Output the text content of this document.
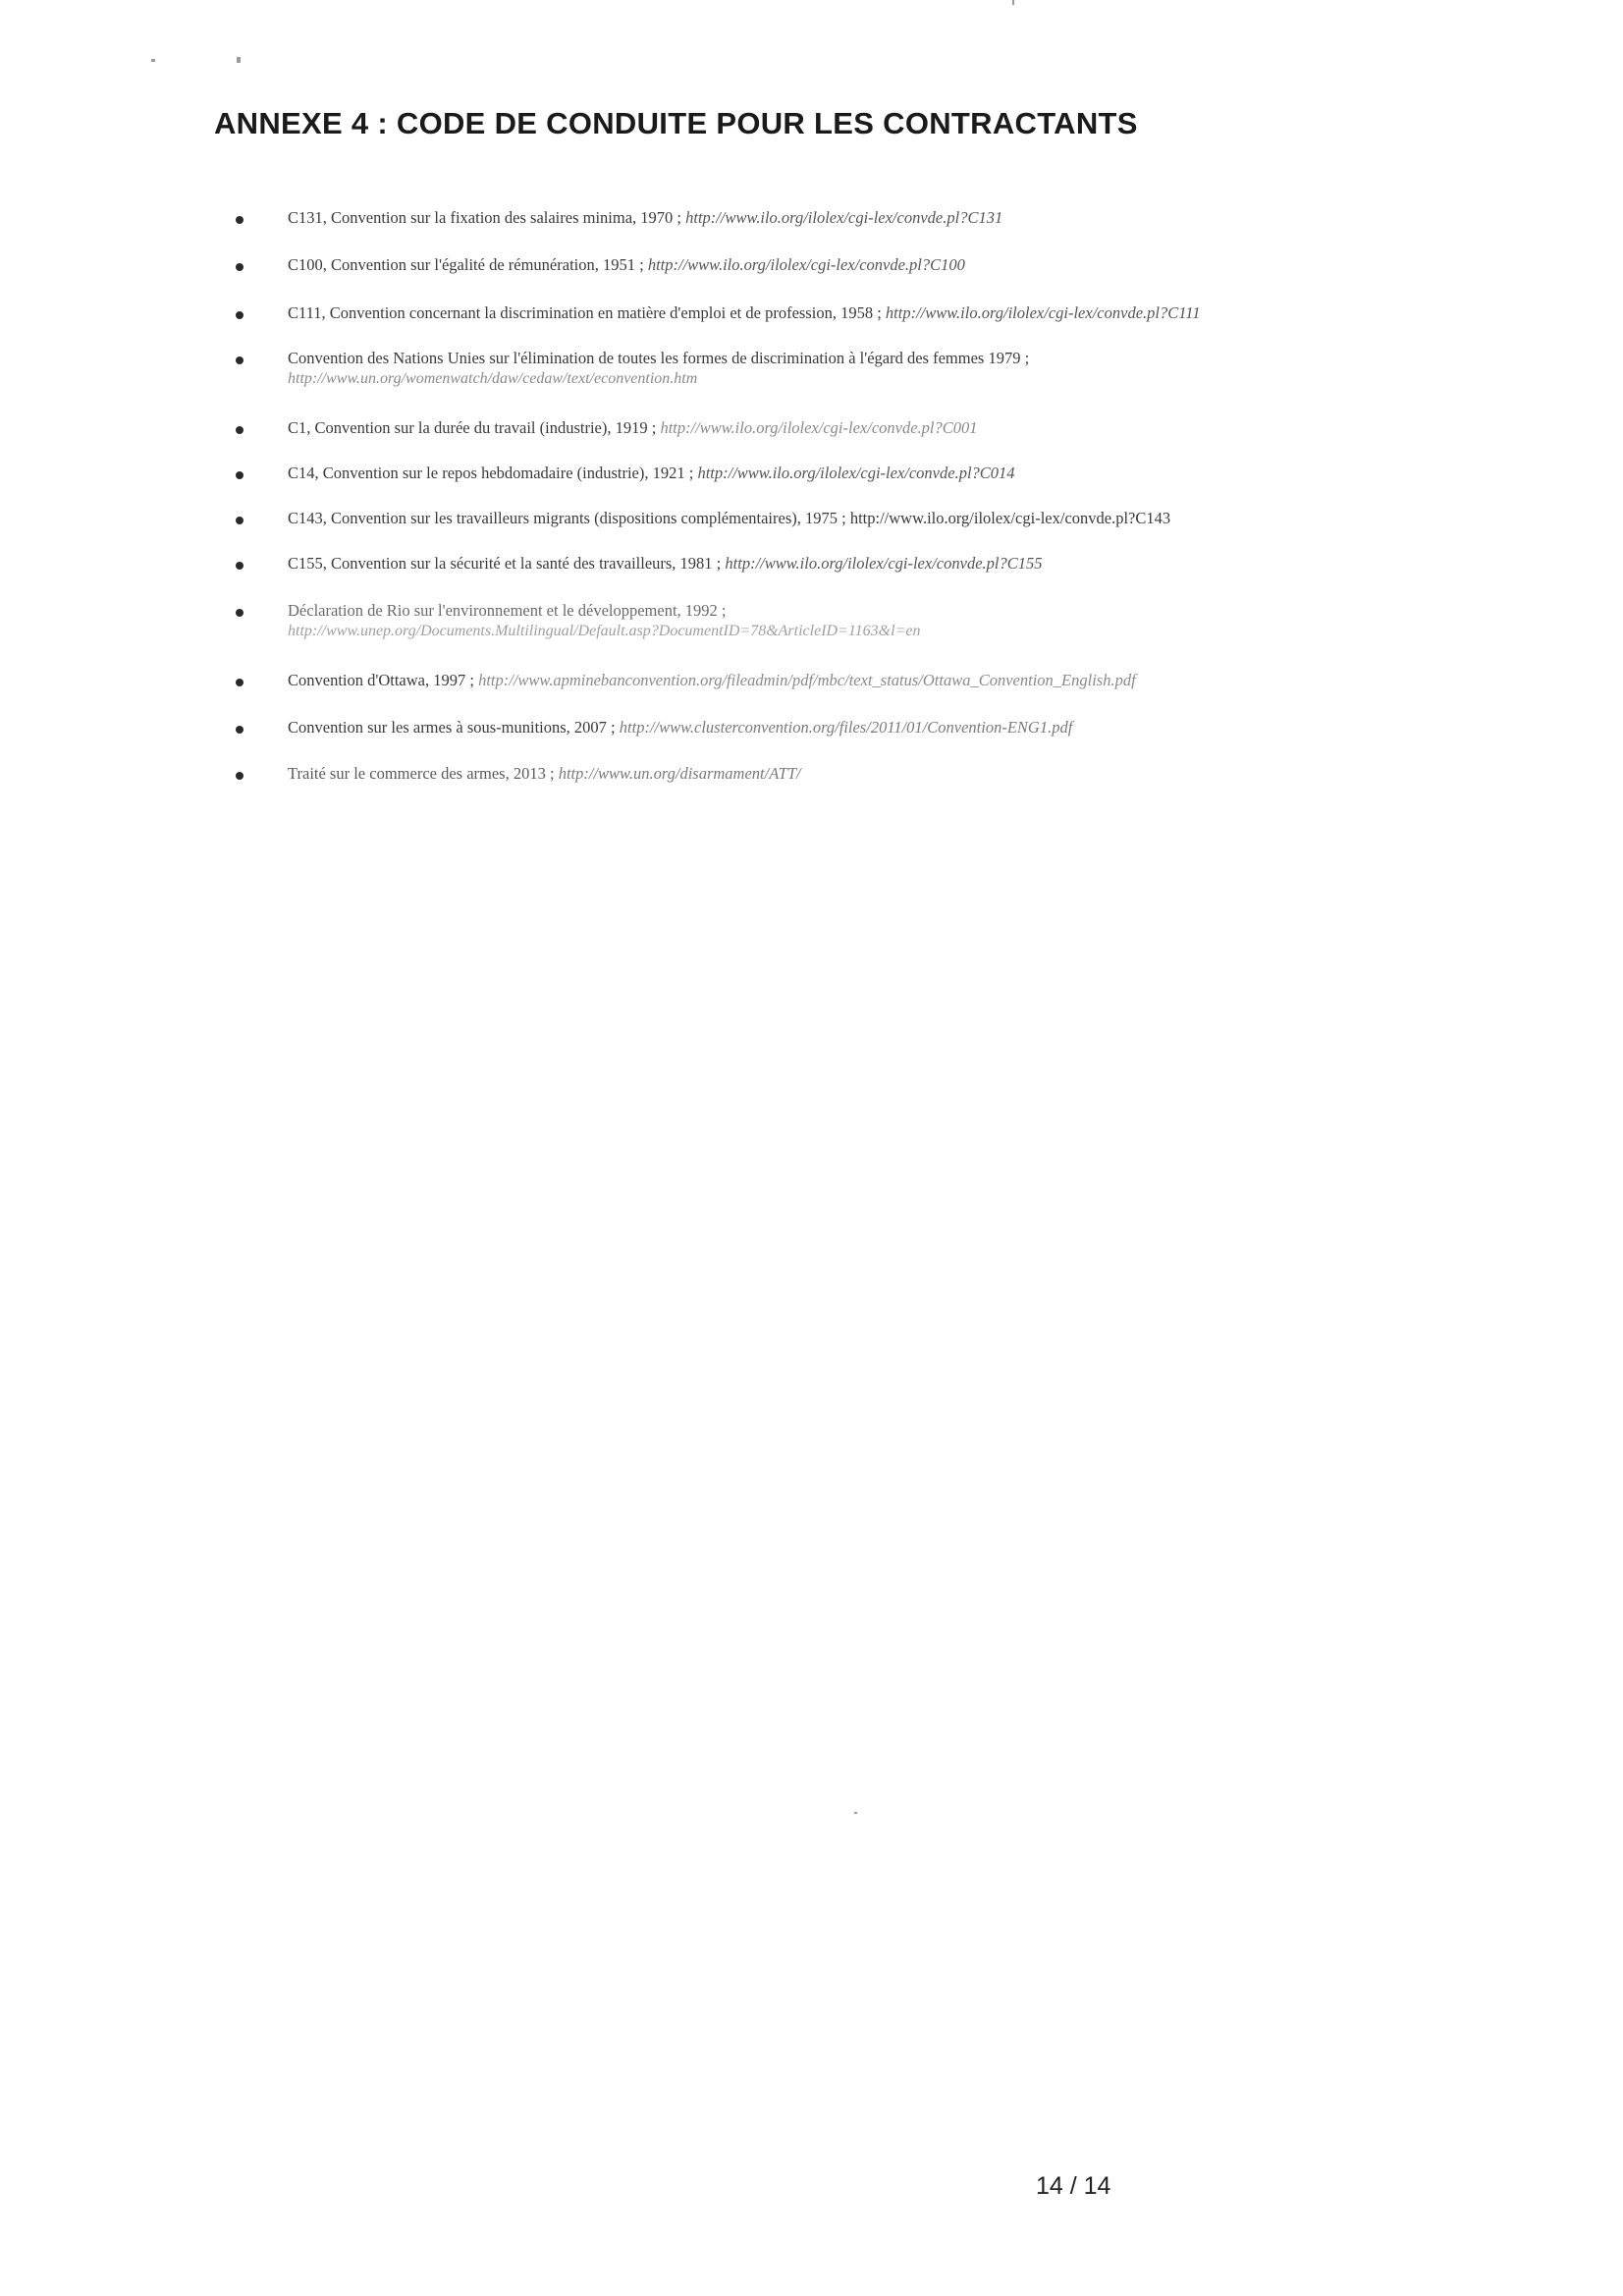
ANNEXE 4 : CODE DE CONDUITE POUR LES CONTRACTANTS
C131, Convention sur la fixation des salaires minima, 1970 ; http://www.ilo.org/ilolex/cgi-lex/convde.pl?C131
C100, Convention sur l'égalité de rémunération, 1951 ; http://www.ilo.org/ilolex/cgi-lex/convde.pl?C100
C111, Convention concernant la discrimination en matière d'emploi et de profession, 1958 ; http://www.ilo.org/ilolex/cgi-lex/convde.pl?C111
Convention des Nations Unies sur l'élimination de toutes les formes de discrimination à l'égard des femmes 1979 ;
http://www.un.org/womenwatch/daw/cedaw/text/econvention.htm
C1, Convention sur la durée du travail (industrie), 1919 ; http://www.ilo.org/ilolex/cgi-lex/convde.pl?C001
C14, Convention sur le repos hebdomadaire (industrie), 1921 ; http://www.ilo.org/ilolex/cgi-lex/convde.pl?C014
C143, Convention sur les travailleurs migrants (dispositions complémentaires), 1975 ; http://www.ilo.org/ilolex/cgi-lex/convde.pl?C143
C155, Convention sur la sécurité et la santé des travailleurs, 1981 ; http://www.ilo.org/ilolex/cgi-lex/convde.pl?C155
Déclaration de Rio sur l'environnement et le développement, 1992 ;
http://www.unep.org/Documents.Multilingual/Default.asp?DocumentID=78&ArticleID=1163&l=en
Convention d'Ottawa, 1997 ; http://www.apminebanconvention.org/fileadmin/pdf/mbc/text_status/Ottawa_Convention_English.pdf
Convention sur les armes à sous-munitions, 2007 ; http://www.clusterconvention.org/files/2011/01/Convention-ENG1.pdf
Traité sur le commerce des armes, 2013 ; http://www.un.org/disarmament/ATT/
14 / 14
